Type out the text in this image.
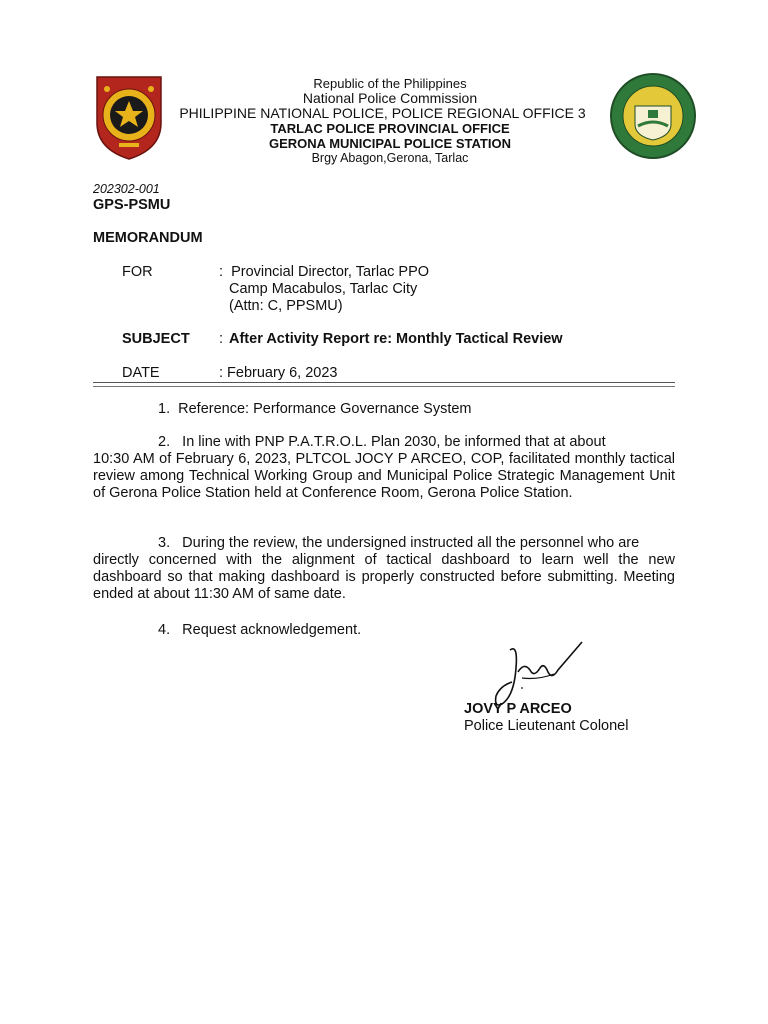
Republic of the Philippines
National Police Commission
PHILIPPINE NATIONAL POLICE, POLICE REGIONAL OFFICE 3
TARLAC POLICE PROVINCIAL OFFICE
GERONA MUNICIPAL POLICE STATION
Brgy Abagon,Gerona, Tarlac
202302-001
GPS-PSMU
MEMORANDUM
FOR	:  Provincial Director, Tarlac PPO
Camp Macabulos, Tarlac City
(Attn: C, PPSMU)
SUBJECT : After Activity Report re: Monthly Tactical Review
DATE	: February 6, 2023
1.  Reference: Performance Governance System
2.   In line with PNP P.A.T.R.O.L. Plan 2030, be informed that at about
10:30 AM of February 6, 2023, PLTCOL JOCY P ARCEO, COP, facilitated monthly tactical review among Technical Working Group and Municipal Police Strategic Management Unit of Gerona Police Station held at Conference Room, Gerona Police Station.
3.   During the review, the undersigned instructed all the personnel who are
directly concerned with the alignment of tactical dashboard to learn well the new dashboard so that making dashboard is properly constructed before submitting. Meeting ended at about 11:30 AM of same date.
4.   Request acknowledgement.
JOVY P ARCEO
Police Lieutenant Colonel
